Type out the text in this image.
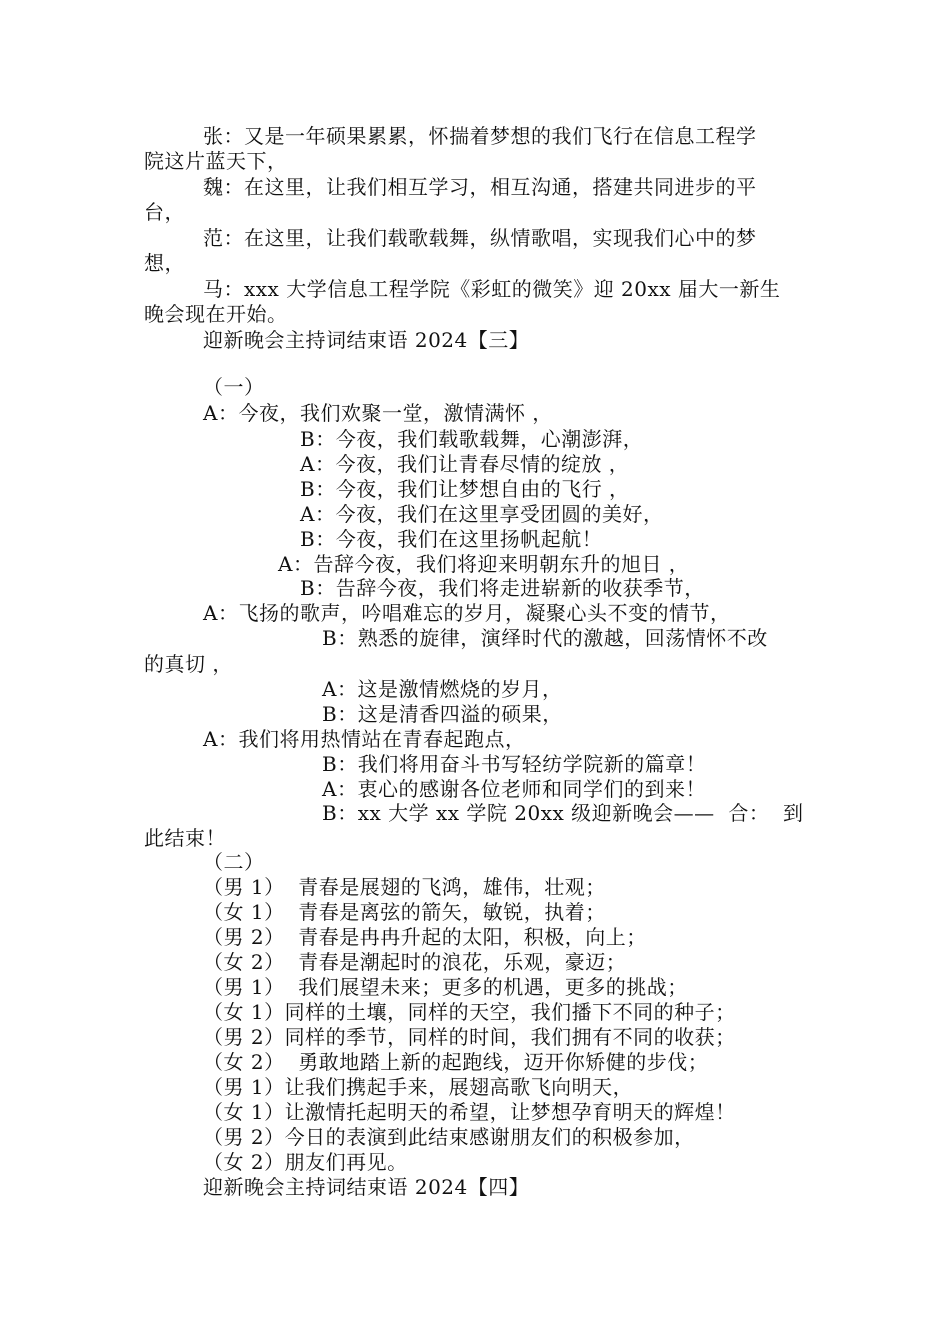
张：又是一年硕果累累，怀揣着梦想的我们飞行在信息工程学
院这片蓝天下，
魏：在这里，让我们相互学习，相互沟通，搭建共同进步的平
台，
范：在这里，让我们载歌载舞，纵情歌唱，实现我们心中的梦
想，
马：xxx 大学信息工程学院《彩虹的微笑》迎 20xx 届大一新生
晚会现在开始。
迎新晚会主持词结束语 2024【三】
（一）
A：今夜，我们欢聚一堂，激情满怀 ，
B：今夜，我们载歌载舞，心潮澎湃，
A：今夜，我们让青春尽情的绽放 ，
B：今夜，我们让梦想自由的飞行 ，
A：今夜，我们在这里享受团圆的美好，
B：今夜，我们在这里扬帆起航！
A：告辞今夜，我们将迎来明朝东升的旭日 ，
B：告辞今夜，我们将走进崭新的收获季节，
A：飞扬的歌声，吟唱难忘的岁月，凝聚心头不变的情节，
B：熟悉的旋律，演绎时代的激越，回荡情怀不改
的真切 ，
A：这是激情燃烧的岁月，
B：这是清香四溢的硕果，
A：我们将用热情站在青春起跑点，
B：我们将用奋斗书写轻纺学院新的篇章！
A：衷心的感谢各位老师和同学们的到来！
B：xx 大学 xx 学院 20xx 级迎新晚会——  合：  到
此结束！
（二）
（男 1）  青春是展翅的飞鸿，雄伟，壮观；
（女 1）  青春是离弦的箭矢，敏锐，执着；
（男 2）  青春是冉冉升起的太阳，积极，向上；
（女 2）  青春是潮起时的浪花，乐观，豪迈；
（男 1）  我们展望未来；更多的机遇，更多的挑战；
（女 1）同样的土壤，同样的天空，我们播下不同的种子；
（男 2）同样的季节，同样的时间，我们拥有不同的收获；
（女 2）  勇敢地踏上新的起跑线，迈开你矫健的步伐；
（男 1）让我们携起手来，展翅高歌飞向明天，
（女 1）让激情托起明天的希望，让梦想孕育明天的辉煌！
（男 2）今日的表演到此结束感谢朋友们的积极参加，
（女 2）朋友们再见。
迎新晚会主持词结束语 2024【四】
